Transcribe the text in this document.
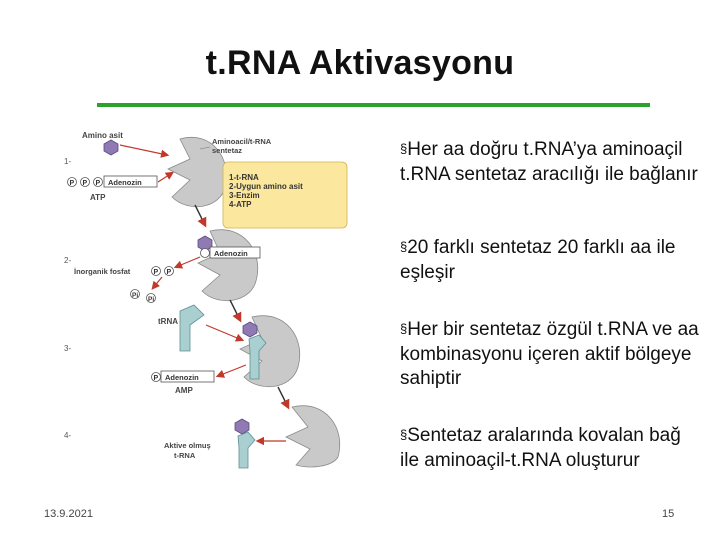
t.RNA Aktivasyonu
1-
2-
3-
4-
Amino asit
Aminoacil/t-RNA
sentetaz
P P P Adenozin
ATP
1-t-RNA
2-Uygun amino asit
3-Enzim
4-ATP
Adenozin
İnorganik fosfat	P P
Pi
Pi
tRNA
P Adenozin
AMP
Aktive olmuş
t-RNA
§Her aa doğru t.RNA’ya aminoaçil t.RNA sentetaz aracılığı ile bağlanır
§20 farklı sentetaz 20 farklı aa ile eşleşir
§Her bir sentetaz özgül t.RNA ve aa kombinasyonu içeren aktif bölgeye sahiptir
§Sentetaz aralarında kovalan bağ ile aminoaçil-t.RNA oluşturur
13.9.2021	15
